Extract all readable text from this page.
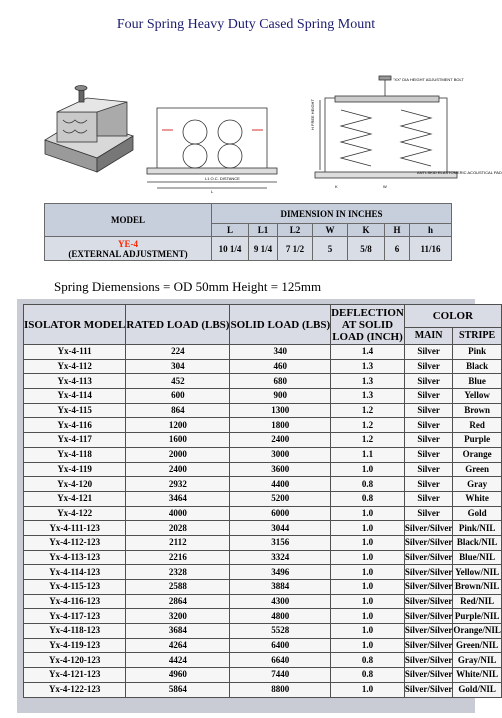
Four Spring Heavy Duty Cased Spring Mount
L1 O.C. DISTANCE
L
"XX" DIA HEIGHT ADJUSTMENT BOLT
ANTI-SKID ELASTOMERIC ACOUSTICAL PAD
H FREE HEIGHT
W
K
MODEL	DIMENSION IN INCHES						
	L	L1	L2	W	K	H	h

YE-4
(EXTERNAL ADJUSTMENT)	10 1/4	9 1/4	7 1/2	5	5/8	6	11/16
Spring Diemensions = OD 50mm Height = 125mm
ISOLATOR MODEL	RATED LOAD (LBS)	SOLID LOAD (LBS)	DEFLECTION AT SOLID LOAD (INCH)	COLOR	
				MAIN	STRIPE
Yx-4-111	224	340	1.4	Silver	Pink
Yx-4-112	304	460	1.3	Silver	Black
Yx-4-113	452	680	1.3	Silver	Blue
Yx-4-114	600	900	1.3	Silver	Yellow
Yx-4-115	864	1300	1.2	Silver	Brown
Yx-4-116	1200	1800	1.2	Silver	Red
Yx-4-117	1600	2400	1.2	Silver	Purple
Yx-4-118	2000	3000	1.1	Silver	Orange
Yx-4-119	2400	3600	1.0	Silver	Green
Yx-4-120	2932	4400	0.8	Silver	Gray
Yx-4-121	3464	5200	0.8	Silver	White
Yx-4-122	4000	6000	1.0	Silver	Gold
Yx-4-111-123	2028	3044	1.0	Silver/Silver	Pink/NIL
Yx-4-112-123	2112	3156	1.0	Silver/Silver	Black/NIL
Yx-4-113-123	2216	3324	1.0	Silver/Silver	Blue/NIL
Yx-4-114-123	2328	3496	1.0	Silver/Silver	Yellow/NIL
Yx-4-115-123	2588	3884	1.0	Silver/Silver	Brown/NIL
Yx-4-116-123	2864	4300	1.0	Silver/Silver	Red/NIL
Yx-4-117-123	3200	4800	1.0	Silver/Silver	Purple/NIL
Yx-4-118-123	3684	5528	1.0	Silver/Silver	Orange/NIL
Yx-4-119-123	4264	6400	1.0	Silver/Silver	Green/NIL
Yx-4-120-123	4424	6640	0.8	Silver/Silver	Gray/NIL
Yx-4-121-123	4960	7440	0.8	Silver/Silver	White/NIL
Yx-4-122-123	5864	8800	1.0	Silver/Silver	Gold/NIL
